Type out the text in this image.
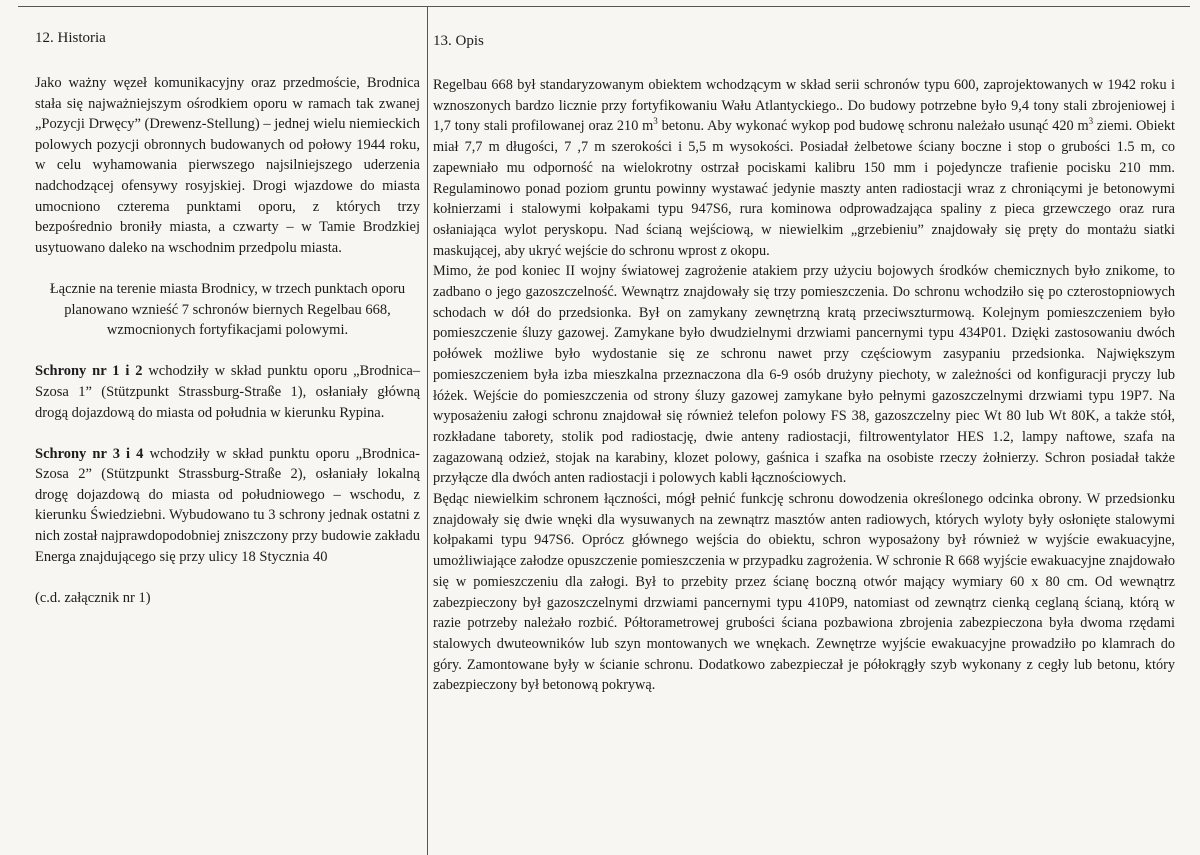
12. Historia

Jako ważny węzeł komunikacyjny oraz przedmoście, Brodnica stała się najważniejszym ośrodkiem oporu w ramach tak zwanej „Pozycji Drwęcy” (Drewenz-Stellung) – jednej wielu niemieckich polowych pozycji obronnych budowanych od połowy 1944 roku, w celu wyhamowania pierwszego najsilniejszego uderzenia nadchodzącej ofensywy rosyjskiej. Drogi wjazdowe do miasta umocniono czterema punktami oporu, z których trzy bezpośrednio broniły miasta, a czwarty – w Tamie Brodzkiej usytuowano daleko na wschodnim przedpolu miasta.

Łącznie na terenie miasta Brodnicy, w trzech punktach oporu planowano wznieść 7 schronów biernych Regelbau 668, wzmocnionych fortyfikacjami polowymi.

Schrony nr 1 i 2 wchodziły w skład punktu oporu „Brodnica–Szosa 1” (Stützpunkt Strassburg-Straße 1), osłaniały główną drogą dojazdową do miasta od południa w kierunku Rypina.

Schrony nr 3 i 4 wchodziły w skład punktu oporu „Brodnica-Szosa 2” (Stützpunkt Strassburg-Straße 2), osłaniały lokalną drogę dojazdową do miasta od południowego – wschodu, z kierunku Świedziebni. Wybudowano tu 3 schrony jednak ostatni z nich został najprawdopodobniej zniszczony przy budowie zakładu Energa znajdującego się przy ulicy 18 Stycznia 40

(c.d. załącznik nr 1)

13. Opis

Regelbau 668 był standaryzowanym obiektem wchodzącym w skład serii schronów typu 600, zaprojektowanych w 1942 roku i wznoszonych bardzo licznie przy fortyfikowaniu Wału Atlantyckiego.. Do budowy potrzebne było 9,4 tony stali zbrojeniowej i 1,7 tony stali profilowanej oraz 210 $m^3$ betonu. Aby wykonać wykop pod budowę schronu należało usunąć 420 $m^3$ ziemi. Obiekt miał 7,7 m długości, 7 ,7 m szerokości i 5,5 m wysokości. Posiadał żelbetowe ściany boczne i stop o grubości 1.5 m, co zapewniało mu odporność na wielokrotny ostrzał pociskami kalibru 150 mm i pojedyncze trafienie pocisku 210 mm. Regulaminowo ponad poziom gruntu powinny wystawać jedynie maszty anten radiostacji wraz z chroniącymi je betonowymi kołnierzami i stalowymi kołpakami typu 947S6, rura kominowa odprowadzająca spaliny z pieca grzewczego oraz rura osłaniająca wylot peryskopu. Nad ścianą wejściową, w niewielkim „grzebieniu” znajdowały się pręty do montażu siatki maskującej, aby ukryć wejście do schronu wprost z okopu.

Mimo, że pod koniec II wojny światowej zagrożenie atakiem przy użyciu bojowych środków chemicznych było znikome, to zadbano o jego gazoszczelność. Wewnątrz znajdowały się trzy pomieszczenia. Do schronu wchodziło się po czterostopniowych schodach w dół do przedsionka. Był on zamykany zewnętrzną kratą przeciwszturmową. Kolejnym pomieszczeniem było pomieszczenie śluzy gazowej. Zamykane było dwudzielnymi drzwiami pancernymi typu 434P01. Dzięki zastosowaniu dwóch połówek możliwe było wydostanie się ze schronu nawet przy częściowym zasypaniu przedsionka. Największym pomieszczeniem była izba mieszkalna przeznaczona dla 6-9 osób drużyny piechoty, w zależności od konfiguracji pryczy lub łóżek. Wejście do pomieszczenia od strony śluzy gazowej zamykane było pełnymi gazoszczelnymi drzwiami typu 19P7. Na wyposażeniu załogi schronu znajdował się również telefon polowy FS 38, gazoszczelny piec Wt 80 lub Wt 80K, a także stół, rozkładane taborety, stolik pod radiostację, dwie anteny radiostacji, filtrowentylator HES 1.2, lampy naftowe, szafa na zagazowaną odzież, stojak na karabiny, klozet polowy, gaśnica i szafka na osobiste rzeczy żołnierzy. Schron posiadał także przyłącze dla dwóch anten radiostacji i polowych kabli łącznościowych.

Będąc niewielkim schronem łączności, mógł pełnić funkcję schronu dowodzenia określonego odcinka obrony. W przedsionku znajdowały się dwie wnęki dla wysuwanych na zewnątrz masztów anten radiowych, których wyloty były osłonięte stalowymi kołpakami typu 947S6. Oprócz głównego wejścia do obiektu, schron wyposażony był również w wyjście ewakuacyjne, umożliwiające załodze opuszczenie pomieszczenia w przypadku zagrożenia. W schronie R 668 wyjście ewakuacyjne znajdowało się w pomieszczeniu dla załogi. Był to przebity przez ścianę boczną otwór mający wymiary 60 x 80 cm. Od wewnątrz zabezpieczony był gazoszczelnymi drzwiami pancernymi typu 410P9, natomiast od zewnątrz cienką ceglaną ścianą, którą w razie potrzeby należało rozbić. Półtorametrowej grubości ściana pozbawiona zbrojenia zabezpieczona była dwoma rzędami stalowych dwuteowników lub szyn montowanych we wnękach. Zewnętrze wyjście ewakuacyjne prowadziło po klamrach do góry. Zamontowane były w ścianie schronu. Dodatkowo zabezpieczał je półokrągły szyb wykonany z cegły lub betonu, który zabezpieczony był betonową pokrywą.
